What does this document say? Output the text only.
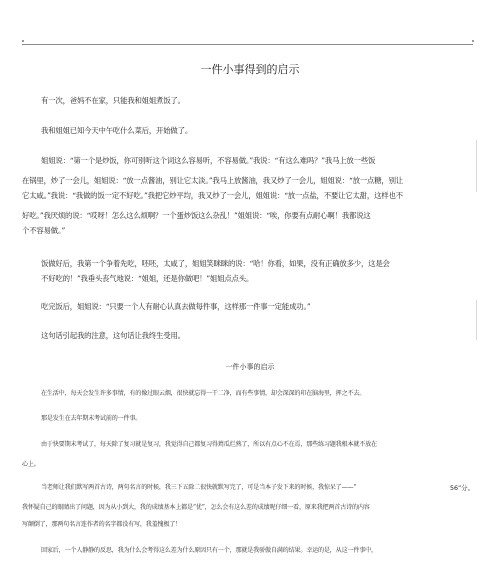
一件小事得到的启示
有一次，爸妈不在家，只能我和姐姐煮饭了。
我和姐姐已知今天中午吃什么菜后，开始做了。
姐姐说：“第一个是炒饭，你可别听这个词这么容易听，不容易做。”我说：“有这么难吗？”我马上放一些饭
在锅里，炒了一会儿，姐姐说：“放一点酱油，别让它太淡。”我马上放酱油，我又炒了一会儿，姐姐说：“放一点糖，别让
它太咸。”我说：“我做的饭一定不好吃。”我把它炒平均，我又炒了一会儿，姐姐说：“放一点盐，不要让它太甜，这样也不
好吃。”我厌烦的说：“哎呀！怎么这么烦啊？一个蛋炒饭这么杂乱！”姐姐说：“唉，你要有点耐心啊！我都说这
个不容易做。”
饭做好后，我第一个争着先吃，呸呸，太咸了，姐姐笑眯眯的说：“哈！你看，如果，没有正确放多少，这是会
不好吃的！”我垂头丧气地说：“姐姐，还是你做吧！”姐姐点点头。
吃完饭后，姐姐说：“只要一个人有耐心认真去做每件事，这样那一件事一定能成功。”
这句话引起我的注意，这句话让我终生受用。
一件小事的启示
在生活中，每天会发生许多事情，有的像过眼云烟，很快就忘得一干二净，而有些事情，却会深深的印在脑海里，挥之不去。
那是发生在去年期末考试前的一件事。
由于快要期末考试了，每天除了复习就是复习，我觉得自己都复习得蔫瓜烂熟了，所以有点心不在焉，那些练习题我根本就不放在
心上。
当老师让我们默写两首古诗，两句名言的时候，我三下五除二很快就默写完了，可是当本子发下来的时候，我惊呆了——“	56”分。
我怀疑自己的眼睛出了问题，因为从小到大，我的成绩基本上都是“优”，怎么会有这么差的成绩呢仔细一看，原来我把两首古诗的内容
写颠倒了，那两句名言连作者的名字都没有写，我羞愧极了！
回家后，一个人静静的反思，我为什么会考得这么差为什么原因只有一个，那就是我骄傲自满的结果。幸运的是，从这一件事中，
